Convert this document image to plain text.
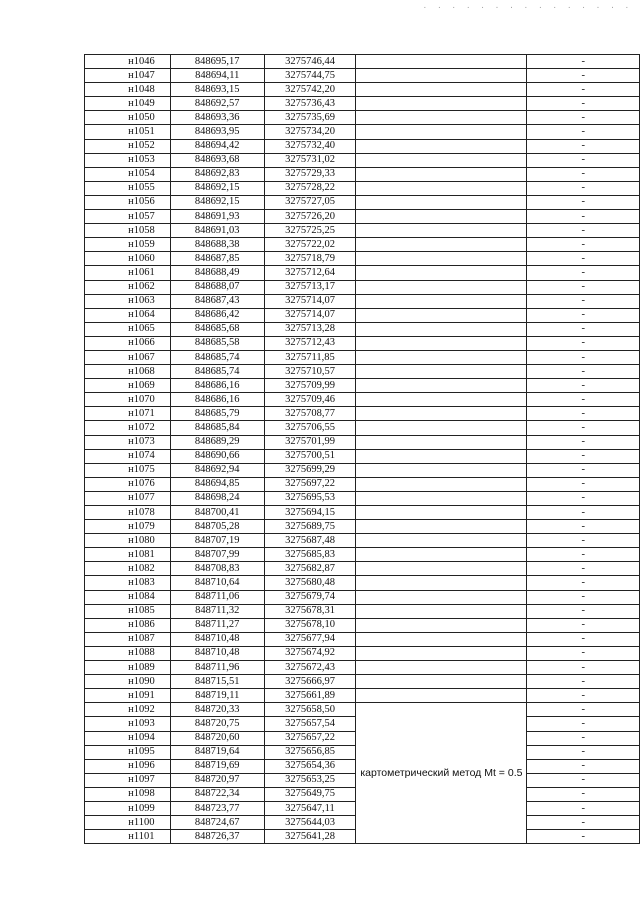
· · · · · · · · · · · · · · ·
н1046	848695,17	3275746,44		-
н1047	848694,11	3275744,75		-
н1048	848693,15	3275742,20		-
н1049	848692,57	3275736,43		-
н1050	848693,36	3275735,69		-
н1051	848693,95	3275734,20		-
н1052	848694,42	3275732,40		-
н1053	848693,68	3275731,02		-
н1054	848692,83	3275729,33		-
н1055	848692,15	3275728,22		-
н1056	848692,15	3275727,05		-
н1057	848691,93	3275726,20		-
н1058	848691,03	3275725,25		-
н1059	848688,38	3275722,02		-
н1060	848687,85	3275718,79		-
н1061	848688,49	3275712,64		-
н1062	848688,07	3275713,17		-
н1063	848687,43	3275714,07		-
н1064	848686,42	3275714,07		-
н1065	848685,68	3275713,28		-
н1066	848685,58	3275712,43		-
н1067	848685,74	3275711,85		-
н1068	848685,74	3275710,57		-
н1069	848686,16	3275709,99		-
н1070	848686,16	3275709,46		-
н1071	848685,79	3275708,77		-
н1072	848685,84	3275706,55		-
н1073	848689,29	3275701,99		-
н1074	848690,66	3275700,51		-
н1075	848692,94	3275699,29		-
н1076	848694,85	3275697,22		-
н1077	848698,24	3275695,53		-
н1078	848700,41	3275694,15		-
н1079	848705,28	3275689,75		-
н1080	848707,19	3275687,48		-
н1081	848707,99	3275685,83		-
н1082	848708,83	3275682,87		-
н1083	848710,64	3275680,48		-
н1084	848711,06	3275679,74		-
н1085	848711,32	3275678,31		-
н1086	848711,27	3275678,10		-
н1087	848710,48	3275677,94		-
н1088	848710,48	3275674,92		-
н1089	848711,96	3275672,43		-
н1090	848715,51	3275666,97		-
н1091	848719,11	3275661,89		-
н1092	848720,33	3275658,50	картометрический метод Mt = 0.5	-
н1093	848720,75	3275657,54		-
н1094	848720,60	3275657,22		-
н1095	848719,64	3275656,85		-
н1096	848719,69	3275654,36		-
н1097	848720,97	3275653,25		-
н1098	848722,34	3275649,75		-
н1099	848723,77	3275647,11		-
н1100	848724,67	3275644,03		-
н1101	848726,37	3275641,28		-
